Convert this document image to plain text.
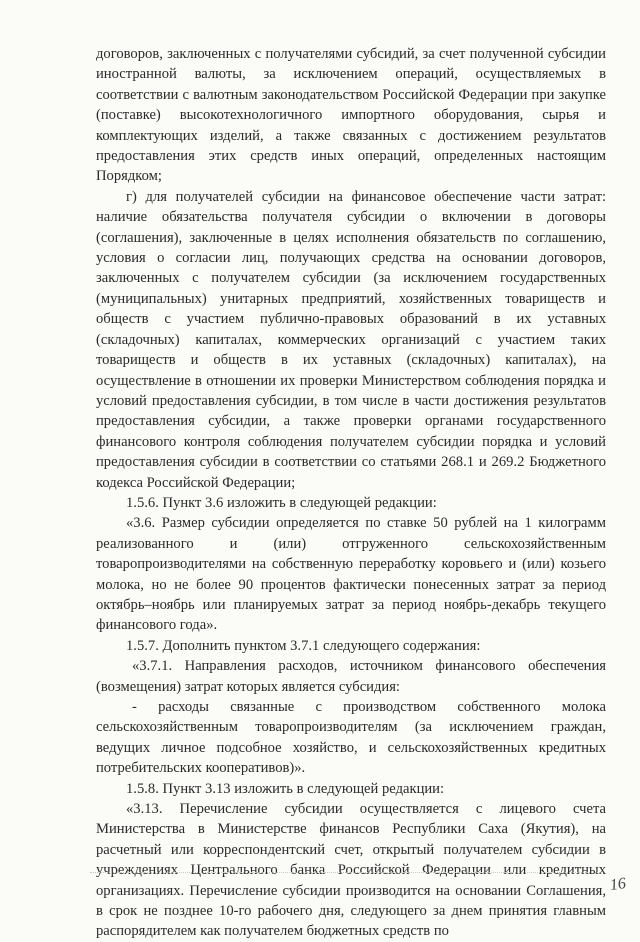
договоров, заключенных с получателями субсидий, за счет полученной субсидии иностранной валюты, за исключением операций, осуществляемых в соответствии с валютным законодательством Российской Федерации при закупке (поставке) высокотехнологичного импортного оборудования, сырья и комплектующих изделий, а также связанных с достижением результатов предоставления этих средств иных операций, определенных настоящим Порядком;

г) для получателей субсидии на финансовое обеспечение части затрат: наличие обязательства получателя субсидии о включении в договоры (соглашения), заключенные в целях исполнения обязательств по соглашению, условия о согласии лиц, получающих средства на основании договоров, заключенных с получателем субсидии (за исключением государственных (муниципальных) унитарных предприятий, хозяйственных товариществ и обществ с участием публично-правовых образований в их уставных (складочных) капиталах, коммерческих организаций с участием таких товариществ и обществ в их уставных (складочных) капиталах), на осуществление в отношении их проверки Министерством соблюдения порядка и условий предоставления субсидии, в том числе в части достижения результатов предоставления субсидии, а также проверки органами государственного финансового контроля соблюдения получателем субсидии порядка и условий предоставления субсидии в соответствии со статьями 268.1 и 269.2 Бюджетного кодекса Российской Федерации;

1.5.6. Пункт 3.6 изложить в следующей редакции:

«3.6. Размер субсидии определяется по ставке 50 рублей на 1 килограмм реализованного и (или) отгруженного сельскохозяйственным товаропроизводителями на собственную переработку коровьего и (или) козьего молока, но не более 90 процентов фактически понесенных затрат за период октябрь–ноябрь или планируемых затрат за период ноябрь-декабрь текущего финансового года».

1.5.7. Дополнить пунктом 3.7.1 следующего содержания:

«3.7.1. Направления расходов, источником финансового обеспечения (возмещения) затрат которых является субсидия:

- расходы связанные с производством собственного молока сельскохозяйственным товаропроизводителям (за исключением граждан, ведущих личное подсобное хозяйство, и сельскохозяйственных кредитных потребительских кооперативов)».

1.5.8. Пункт 3.13 изложить в следующей редакции:

«3.13. Перечисление субсидии осуществляется с лицевого счета Министерства в Министерстве финансов Республики Саха (Якутия), на расчетный или корреспондентский счет, открытый получателем субсидии в учреждениях Центрального банка Российской Федерации или кредитных организациях. Перечисление субсидии производится на основании Соглашения, в срок не позднее 10-го рабочего дня, следующего за днем принятия главным распорядителем как получателем бюджетных средств по

16
